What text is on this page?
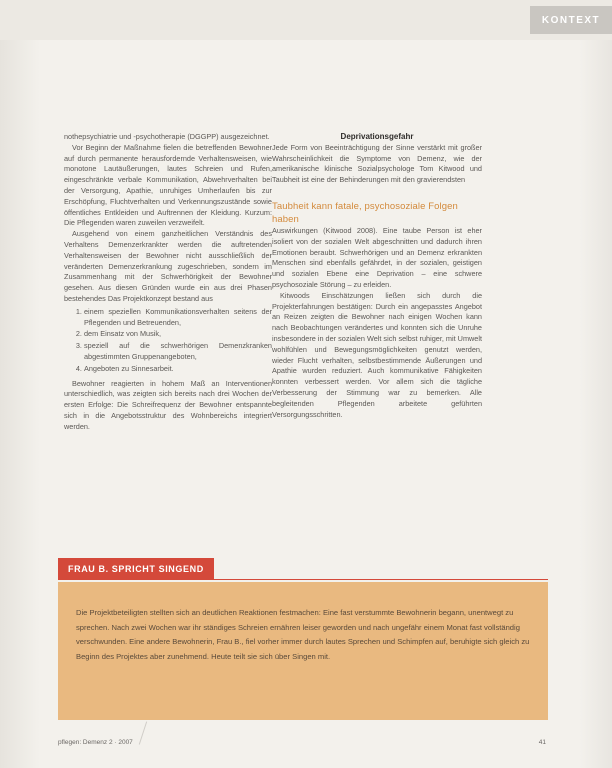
KONTEXT

nothepsychiatrie und -psychotherapie (DGGPP) ausgezeichnet.

Vor Beginn der Maßnahme fielen die betreffenden Bewohner auf durch permanente herausfordernde Verhaltensweisen, wie monotone Lautäußerungen, lautes Schreien und Rufen, eingeschränkte verbale Kommunikation, Abwehrverhalten bei der Versorgung, Apathie, unruhiges Umherlaufen bis zur Erschöpfung, Fluchtverhalten und Verkennungszustände sowie öffentliches Entkleiden und Auftrennen der Kleidung. Kurzum: Die Pflegenden waren zuweilen verzweifelt.

Ausgehend von einem ganzheitlichen Verständnis des Verhaltens Demenzerkrankter werden die auftretenden Verhaltensweisen der Bewohner nicht ausschließlich der veränderten Demenzerkrankung zugeschrieben, sondern im Zusammenhang mit der Schwerhörigkeit der Bewohner gesehen. Aus diesen Gründen wurde ein aus drei Phasen bestehendes Das Projektkonzept bestand aus

1. einem speziellen Kommunikationsverhalten seitens der Pflegenden und Betreuenden,
2. dem Einsatz von Musik,
3. speziell auf die schwerhörigen Demenzkranken abgestimmten Gruppenangeboten,
4. Angeboten zu Sinnesarbeit.

Bewohner reagierten in hohem Maß an Interventionen unterschiedlich, was zeigten sich bereits nach drei Wochen der ersten Erfolge: Die Schreifrequenz der Bewohner entspannte sich in die Angebotsstruktur des Wohnbereichs integriert werden.

Deprivationsgefahr

Jede Form von Beeinträchtigung der Sinne verstärkt mit großer Wahrscheinlichkeit die Symptome von Demenz, wie der amerikanische klinische Sozialpsychologe Tom Kitwood und Taubheit ist eine der Behinderungen mit den gravierendsten

Taubheit kann fatale, psychosoziale Folgen haben

Auswirkungen (Kitwood 2008). Eine taube Person ist eher isoliert von der sozialen Welt abgeschnitten und dadurch ihren Emotionen beraubt. Schwerhörigen und an Demenz erkrankten Menschen sind ebenfalls gefährdet, in der sozialen, geistigen und sozialen Ebene eine Deprivation – eine schwere psychosoziale Störung – zu erleiden.

Kitwoods Einschätzungen ließen sich durch die Projekterfahrungen bestätigen: Durch ein angepasstes Angebot an Reizen zeigten die Bewohner nach einigen Wochen kann nach Beobachtungen verändertes und konnten sich die Unruhe insbesondere in der sozialen Welt sich selbst ruhiger, mit Umwelt wohlfühlen und Bewegungsmöglichkeiten genutzt werden, wieder Flucht verhalten, selbstbestimmende Äußerungen und Apathie wurden reduziert. Auch kommunikative Fähigkeiten konnten verbessert werden. Vor allem sich die tägliche Verbesserung der Stimmung war zu bemerken. Alle begleitenden Pflegenden arbeitete geführten Versorgungsschritten.

FRAU B. SPRICHT SINGEND

Die Projektbeteiligten stellten sich an deutlichen Reaktionen festmachen: Eine fast verstummte Bewohnerin begann, unentwegt zu sprechen. Nach zwei Wochen war ihr ständiges Schreien ernähren leiser geworden und nach ungefähr einem Monat fast vollständig verschwunden. Eine andere Bewohnerin, Frau B., fiel vorher immer durch lautes Sprechen und Schimpfen auf, beruhigte sich gleich zu Beginn des Projektes aber zunehmend. Heute teilt sie sich über Singen mit.

pflegen: Demenz 2 · 2007	41
